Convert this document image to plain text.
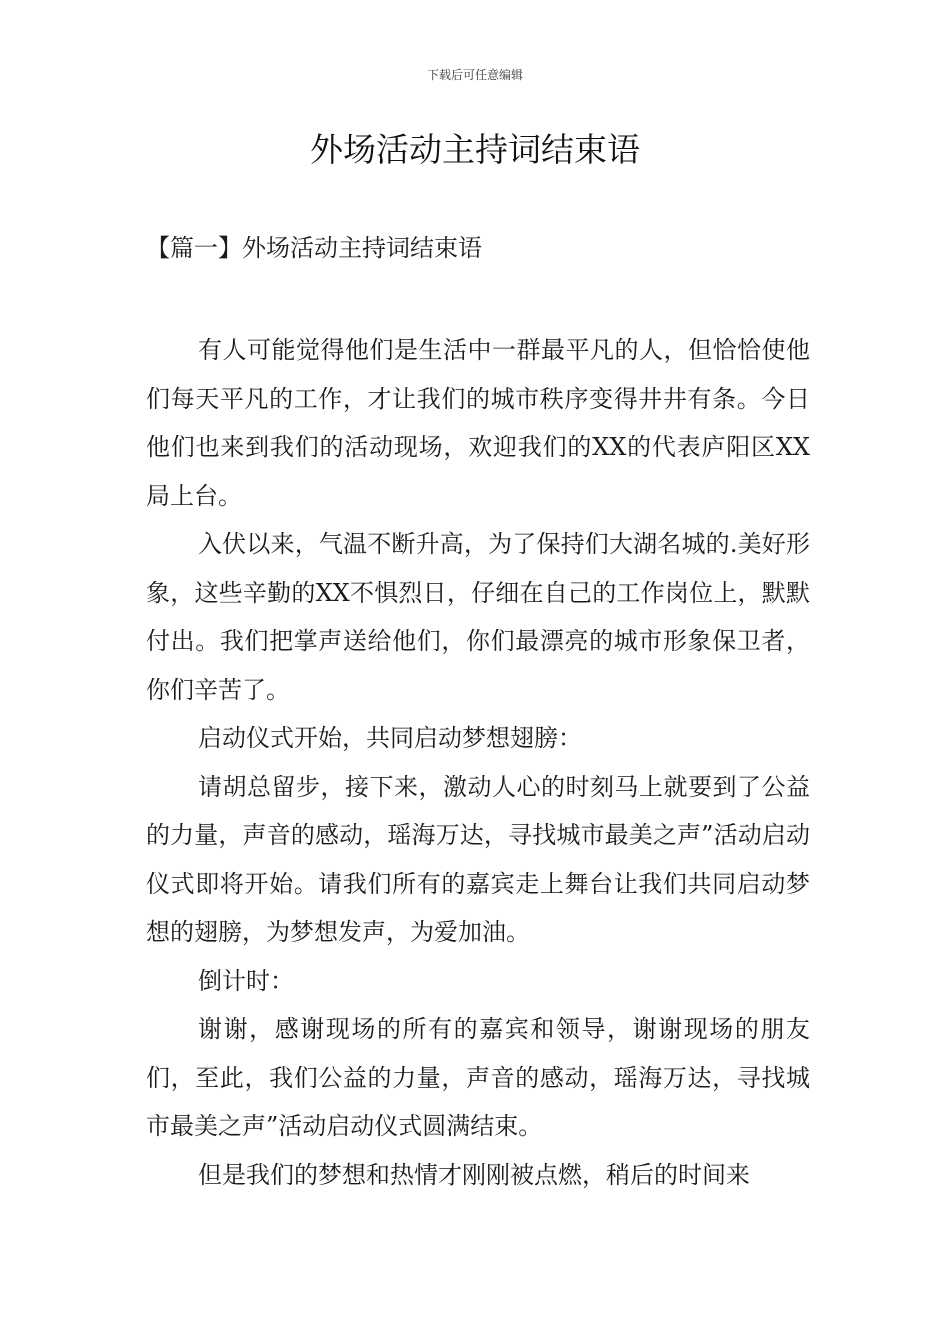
下载后可任意编辑
外场活动主持词结束语
【篇一】外场活动主持词结束语

有人可能觉得他们是生活中一群最平凡的人，但恰恰使他们每天平凡的工作，才让我们的城市秩序变得井井有条。今日他们也来到我们的活动现场，欢迎我们的XX的代表庐阳区XX局上台。

入伏以来，气温不断升高，为了保持们大湖名城的.美好形象，这些辛勤的XX不惧烈日，仔细在自己的工作岗位上，默默付出。我们把掌声送给他们，你们最漂亮的城市形象保卫者，你们辛苦了。

启动仪式开始，共同启动梦想翅膀：

请胡总留步，接下来，激动人心的时刻马上就要到了公益的力量，声音的感动，瑶海万达，寻找城市最美之声”活动启动仪式即将开始。请我们所有的嘉宾走上舞台让我们共同启动梦想的翅膀，为梦想发声，为爱加油。

倒计时：

谢谢，感谢现场的所有的嘉宾和领导，谢谢现场的朋友们，至此，我们公益的力量，声音的感动，瑶海万达，寻找城市最美之声”活动启动仪式圆满结束。

但是我们的梦想和热情才刚刚被点燃，稍后的时间来
